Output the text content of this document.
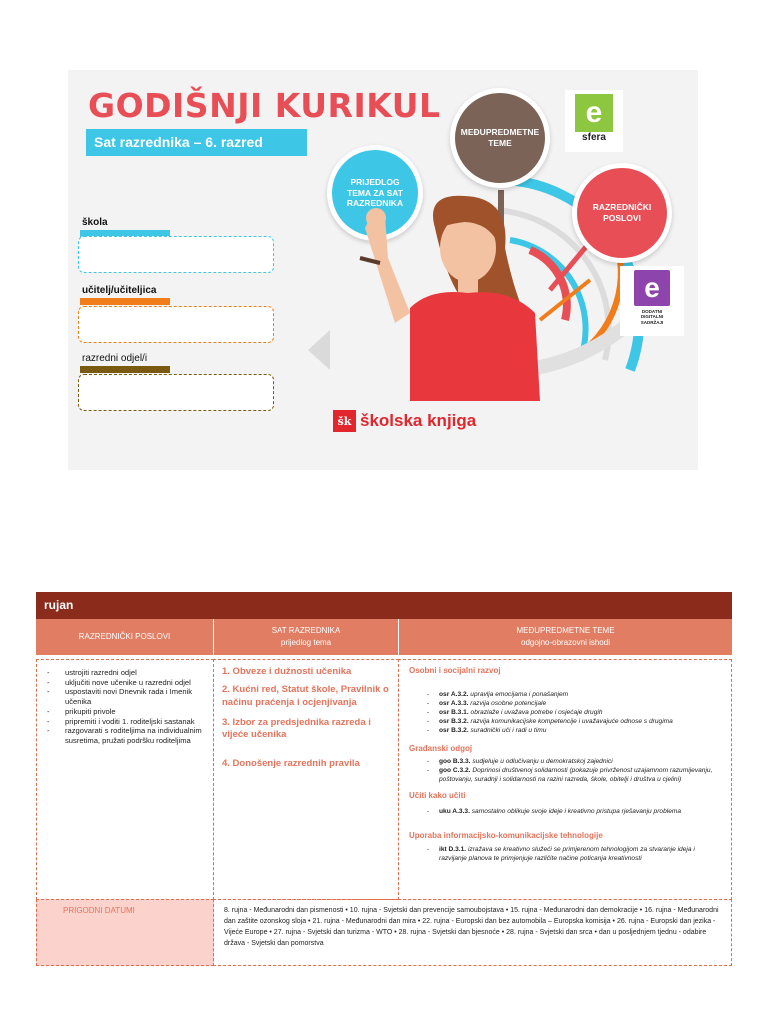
GODIŠNJI KURIKUL
Sat razrednika – 6. razred
škola
učitelj/učiteljica
razredni odjel/i
MEĐUPREDMETNE TEME
PRIJEDLOG TEMA ZA SAT RAZREDNIKA	RAZREDNIČKI POSLOVI
e
sfera
e
DODATNI DIGITALNI SADRŽAJI
šk školska knjiga
rujan
RAZREDNIČKI POSLOVI
SAT RAZREDNIKA
prijedlog tema
MEĐUPREDMETNE TEME
odgojno-obrazovni ishodi
- ustrojiti razredni odjel
- uključiti nove učenike u razredni odjel
- uspostaviti novi Dnevnik rada i Imenik učenika
- prikupiti privole
- pripremiti i voditi 1. roditeljski sastanak
- razgovarati s roditeljima na individualnim susretima, pružati podršku roditeljima
1. Obveze i dužnosti učenika
2. Kućni red, Statut škole, Pravilnik o načinu praćenja i ocjenjivanja
3. Izbor za predsjednika razreda i vijeće učenika
4. Donošenje razrednih pravila
Osobni i socijalni razvoj
- osr A.3.2. upravlja emocijama i ponašanjem
- osr A.3.3. razvija osobne potencijale
- osr B.3.1. obrazlaže i uvažava potrebe i osjećaje drugih
- osr B.3.2. razvija komunikacijske kompetencije i uvažavajuće odnose s drugima
- osr B.3.2. suradnički uči i radi u timu
Građanski odgoj
- goo B.3.3. sudjeluje u odlučivanju u demokratskoj zajednici
- goo C.3.2. Doprinosi društvenoj solidarnosti (pokazuje privrženost uzajamnom razumijevanju, poštovanju, suradnji i solidarnosti na razini razreda, škole, obitelji i društva u cjelini)
Učiti kako učiti
- uku A.3.3. samostalno oblikuje svoje ideje i kreativno pristupa rješavanju problema
Uporaba informacijsko-komunikacijske tehnologije
- ikt D.3.1. izražava se kreativno služeći se primjerenom tehnologijom za stvaranje ideja i razvijanje planova te primjenjuje različite načine poticanja kreativnosti
PRIGODNI DATUMI	8. rujna - Međunarodni dan pismenosti • 10. rujna - Svjetski dan prevencije samoubojstava • 15. rujna - Međunarodni dan demokracije • 16. rujna - Međunarodni dan zaštite ozonskog sloja • 21. rujna - Međunarodni dan mira • 22. rujna - Europski dan bez automobila – Europska komisija • 26. rujna - Europski dan jezika - Vijeće Europe • 27. rujna - Svjetski dan turizma - WTO • 28. rujna - Svjetski dan bjesnoće • 28. rujna - Svjetski dan srca • dan u posljednjem tjednu - odabire država - Svjetski dan pomorstva
